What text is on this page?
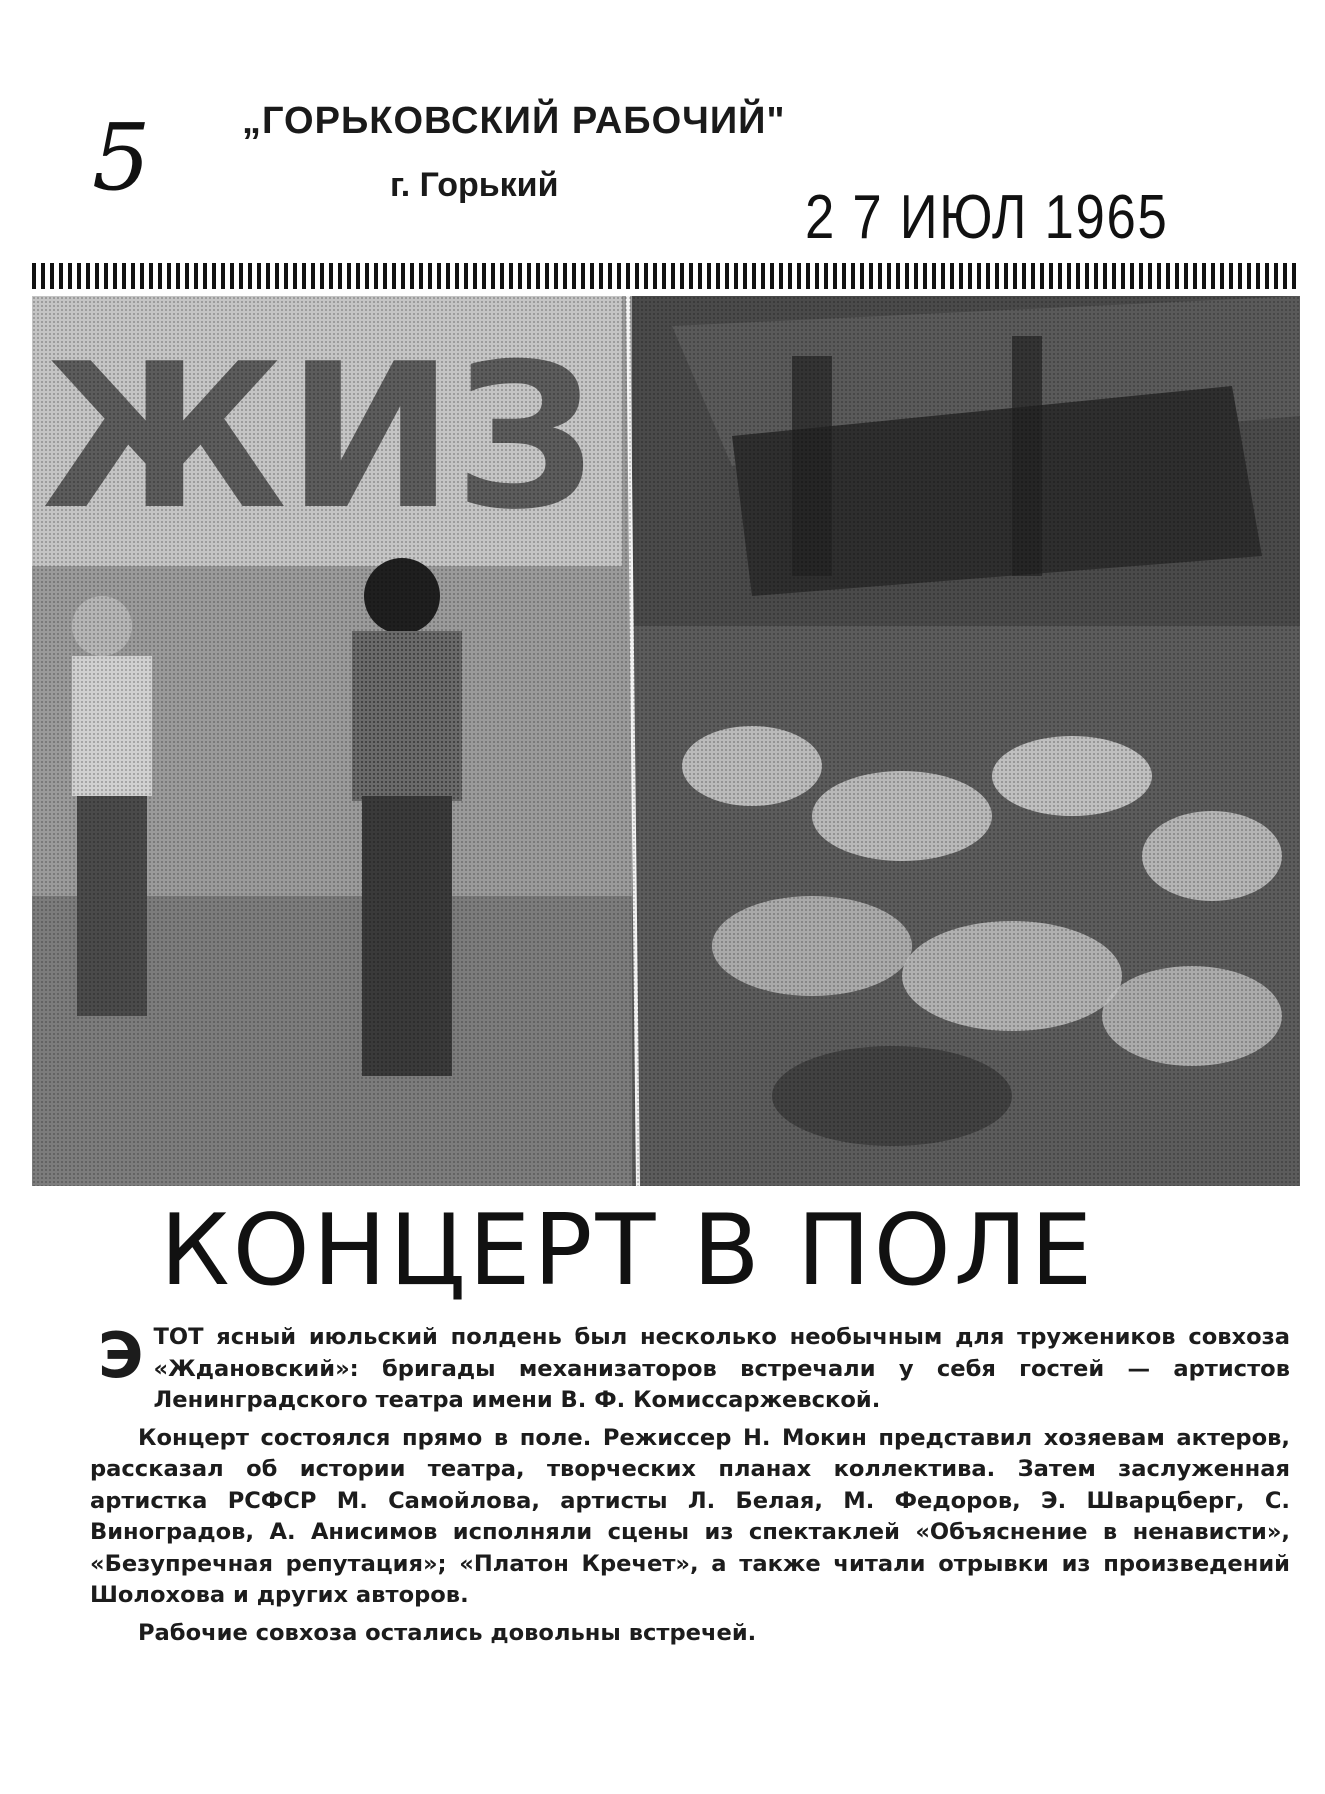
5 „ГОРЬКОВСКИЙ РАБОЧИЙ"
г. Горький	2 7 ИЮЛ 1965
КОНЦЕРТ В ПОЛЕ

ЭТОТ ясный июльский полдень был несколько необычным для тружеников совхоза «Ждановский»: бригады механизаторов встречали у себя гостей — артистов Ленинградского театра имени В. Ф. Комиссаржевской.

Концерт состоялся прямо в поле. Режиссер Н. Мокин представил хозяевам актеров, рассказал об истории театра, творческих планах коллектива. Затем заслуженная артистка РСФСР М. Самойлова, артисты Л. Белая, М. Федоров, Э. Шварцберг, С. Виноградов, А. Анисимов исполняли сцены из спектаклей «Объяснение в ненависти», «Безупречная репутация»; «Платон Кречет», а также читали отрывки из произведений Шолохова и других авторов.

Рабочие совхоза остались довольны встречей.
